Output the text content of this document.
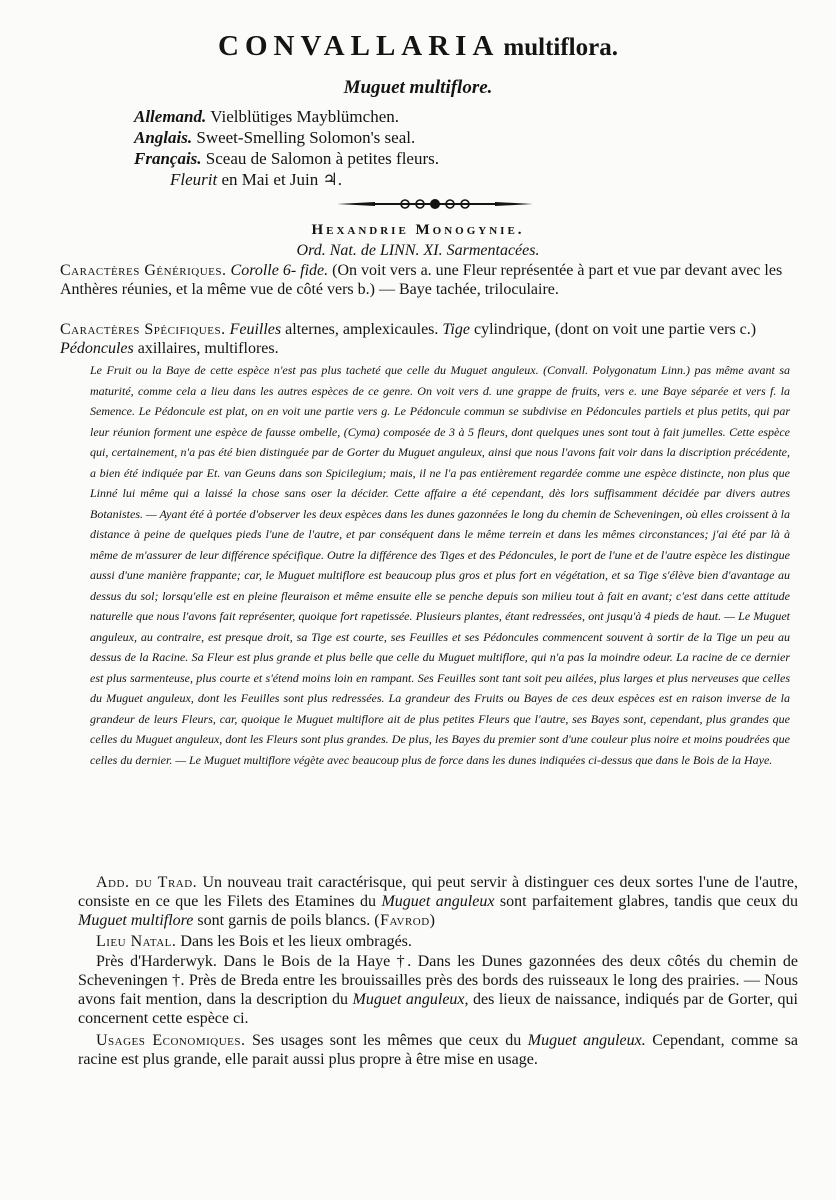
CONVALLARIA multiflora.
Muguet multiflore.
Allemand. Vielblütiges Mayblümchen.
Anglais. Sweet-Smelling Solomon's seal.
Français. Sceau de Salomon à petites fleurs.
Fleurit en Mai et Juin ♃.
Hexandrie Monogynie.
Ord. Nat. de LINN. XI. Sarmentacées.
Caractères Génériques. Corolle 6- fide. (On voit vers a. une Fleur représentée à part et vue par devant avec les Anthères réunies, et la même vue de côté vers b.) — Baye tachée, triloculaire.
Caractères Spécifiques. Feuilles alternes, amplexicaules. Tige cylindrique, (dont on voit une partie vers c.) Pédoncules axillaires, multiflores.
Le Fruit ou la Baye de cette espèce n'est pas plus tacheté que celle du Muguet anguleux. (Convall. Polygonatum Linn.) pas même avant sa maturité, comme cela a lieu dans les autres espèces de ce genre. On voit vers d. une grappe de fruits, vers e. une Baye séparée et vers f. la Semence. Le Pédoncule est plat, on en voit une partie vers g. Le Pédoncule commun se subdivise en Pédoncules partiels et plus petits, qui par leur réunion forment une espèce de fausse ombelle, (Cyma) composée de 3 à 5 fleurs, dont quelques unes sont tout à fait jumelles. Cette espèce qui, certainement, n'a pas été bien distinguée par de Gorter du Muguet anguleux, ainsi que nous l'avons fait voir dans la discription précédente, a bien été indiquée par Et. van Geuns dans son Spicilegium; mais, il ne l'a pas entièrement regardée comme une espèce distincte, non plus que Linné lui même qui a laissé la chose sans oser la décider. Cette affaire a été cependant, dès lors suffisamment décidée par divers autres Botanistes. — Ayant été à portée d'observer les deux espèces dans les dunes gazonnées le long du chemin de Scheveningen, où elles croissent à la distance à peine de quelques pieds l'une de l'autre, et par conséquent dans le même terrein et dans les mêmes circonstances; j'ai été par là à même de m'assurer de leur différence spécifique. Outre la différence des Tiges et des Pédoncules, le port de l'une et de l'autre espèce les distingue aussi d'une manière frappante; car, le Muguet multiflore est beaucoup plus gros et plus fort en végétation, et sa Tige s'élève bien d'avantage au dessus du sol; lorsqu'elle est en pleine fleuraison et même ensuite elle se penche depuis son milieu tout à fait en avant; c'est dans cette attitude naturelle que nous l'avons fait représenter, quoique fort rapetissée. Plusieurs plantes, étant redressées, ont jusqu'à 4 pieds de haut. — Le Muguet anguleux, au contraire, est presque droit, sa Tige est courte, ses Feuilles et ses Pédoncules commencent souvent à sortir de la Tige un peu au dessus de la Racine. Sa Fleur est plus grande et plus belle que celle du Muguet multiflore, qui n'a pas la moindre odeur. La racine de ce dernier est plus sarmenteuse, plus courte et s'étend moins loin en rampant. Ses Feuilles sont tant soit peu ailées, plus larges et plus nerveuses que celles du Muguet anguleux, dont les Feuilles sont plus redressées. La grandeur des Fruits ou Bayes de ces deux espèces est en raison inverse de la grandeur de leurs Fleurs, car, quoique le Muguet multiflore ait de plus petites Fleurs que l'autre, ses Bayes sont, cependant, plus grandes que celles du Muguet anguleux, dont les Fleurs sont plus grandes. De plus, les Bayes du premier sont d'une couleur plus noire et moins poudrées que celles du dernier. — Le Muguet multiflore végète avec beaucoup plus de force dans les dunes indiquées ci-dessus que dans le Bois de la Haye.
Add. du Trad. Un nouveau trait caractérisque, qui peut servir à distinguer ces deux sortes l'une de l'autre, consiste en ce que les Filets des Etamines du Muguet anguleux sont parfaitement glabres, tandis que ceux du Muguet multiflore sont garnis de poils blancs. (Favrod)
Lieu Natal. Dans les Bois et les lieux ombragés.
Près d'Harderwyk. Dans le Bois de la Haye †. Dans les Dunes gazonnées des deux côtés du chemin de Scheveningen †. Près de Breda entre les brouissailles près des bords des ruisseaux le long des prairies. — Nous avons fait mention, dans la description du Muguet anguleux, des lieux de naissance, indiqués par de Gorter, qui concernent cette espèce ci.
Usages Economiques. Ses usages sont les mêmes que ceux du Muguet anguleux. Cependant, comme sa racine est plus grande, elle parait aussi plus propre à être mise en usage.
